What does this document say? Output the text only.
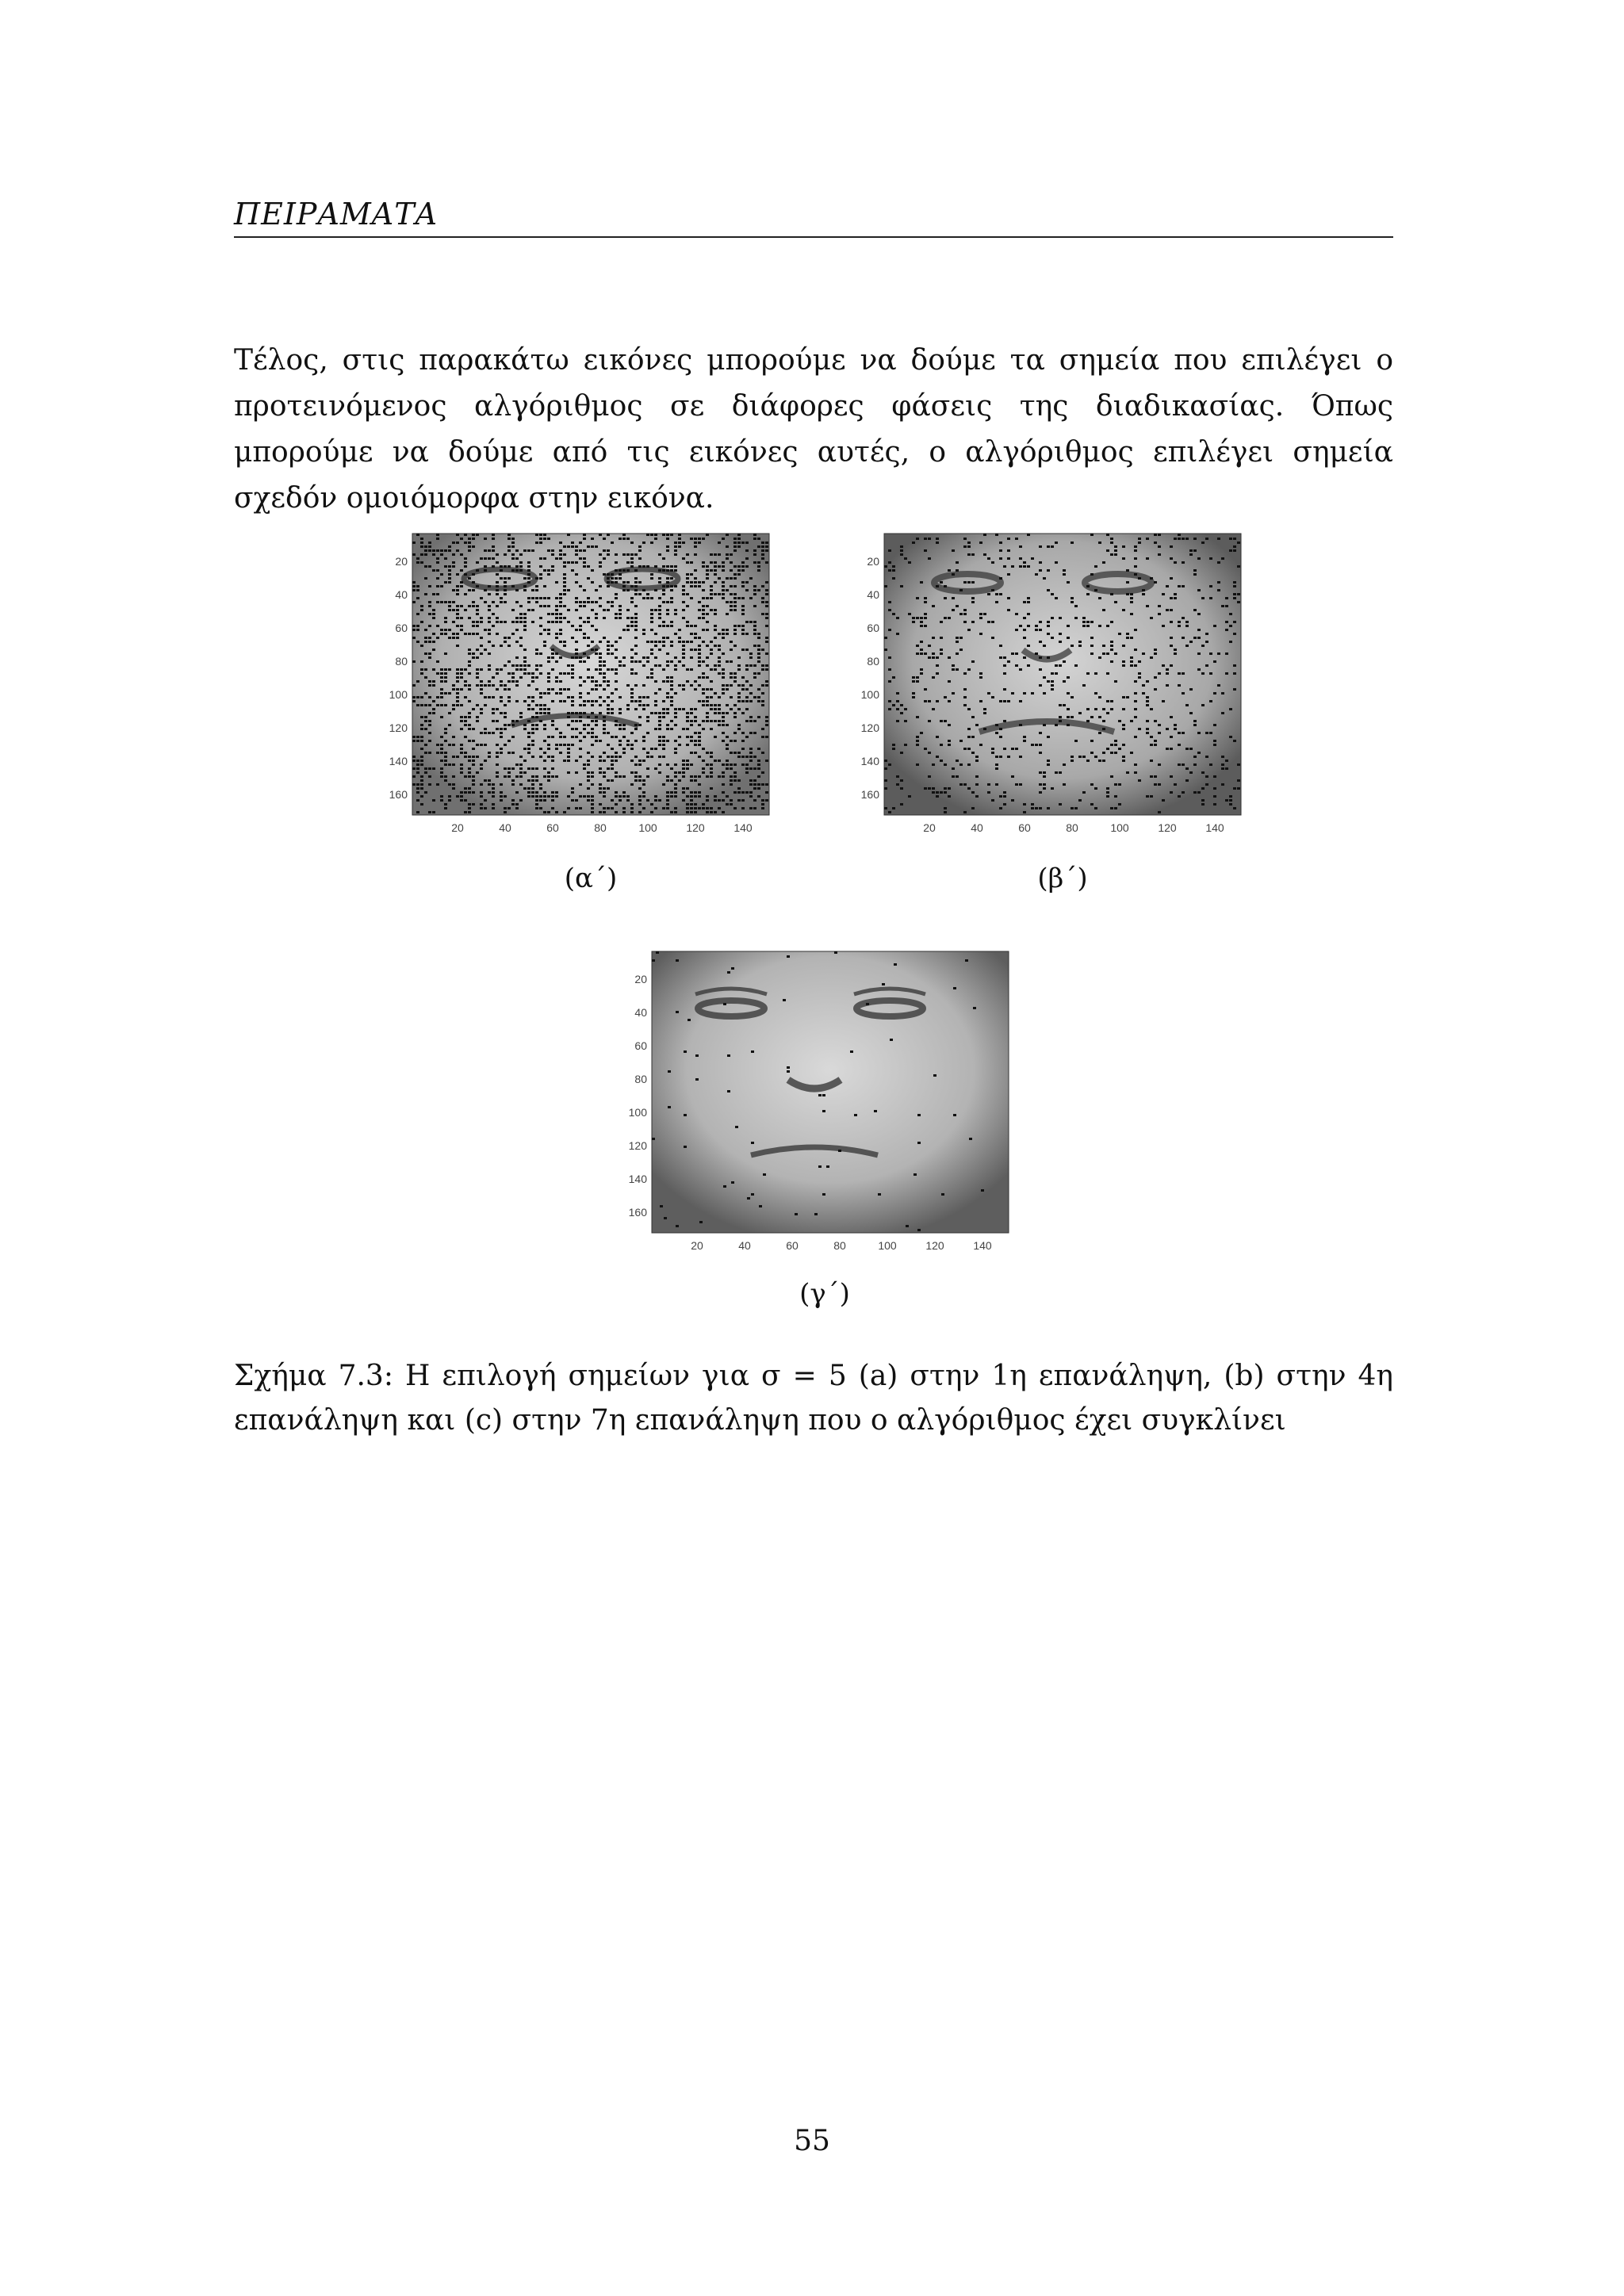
ΠΕΙΡΑΜΑΤΑ

Τέλος, στις παρακάτω εικόνες μπορούμε να δούμε τα σημεία που επιλέγει ο προτεινόμενος αλγόριθμος σε διάφορες φάσεις της διαδικασίας. Όπως μπορούμε να δούμε από τις εικόνες αυτές, ο αλγόριθμος επιλέγει σημεία σχεδόν ομοιόμορφα στην εικόνα.

20
40
60
80
100
120
140
160
20	40	60	80	100	120	140
(α΄)
20
40
60
80
100
120
140
160
20	40	60	80	100	120	140
(β΄)
20
40
60
80
100
120
140
160
20	40	60	80	100	120	140
(γ΄)

Σχήμα 7.3: Η επιλογή σημείων για σ = 5 (a) στην 1η επανάληψη, (b) στην 4η επανάληψη και (c) στην 7η επανάληψη που ο αλγόριθμος έχει συγκλίνει

55
